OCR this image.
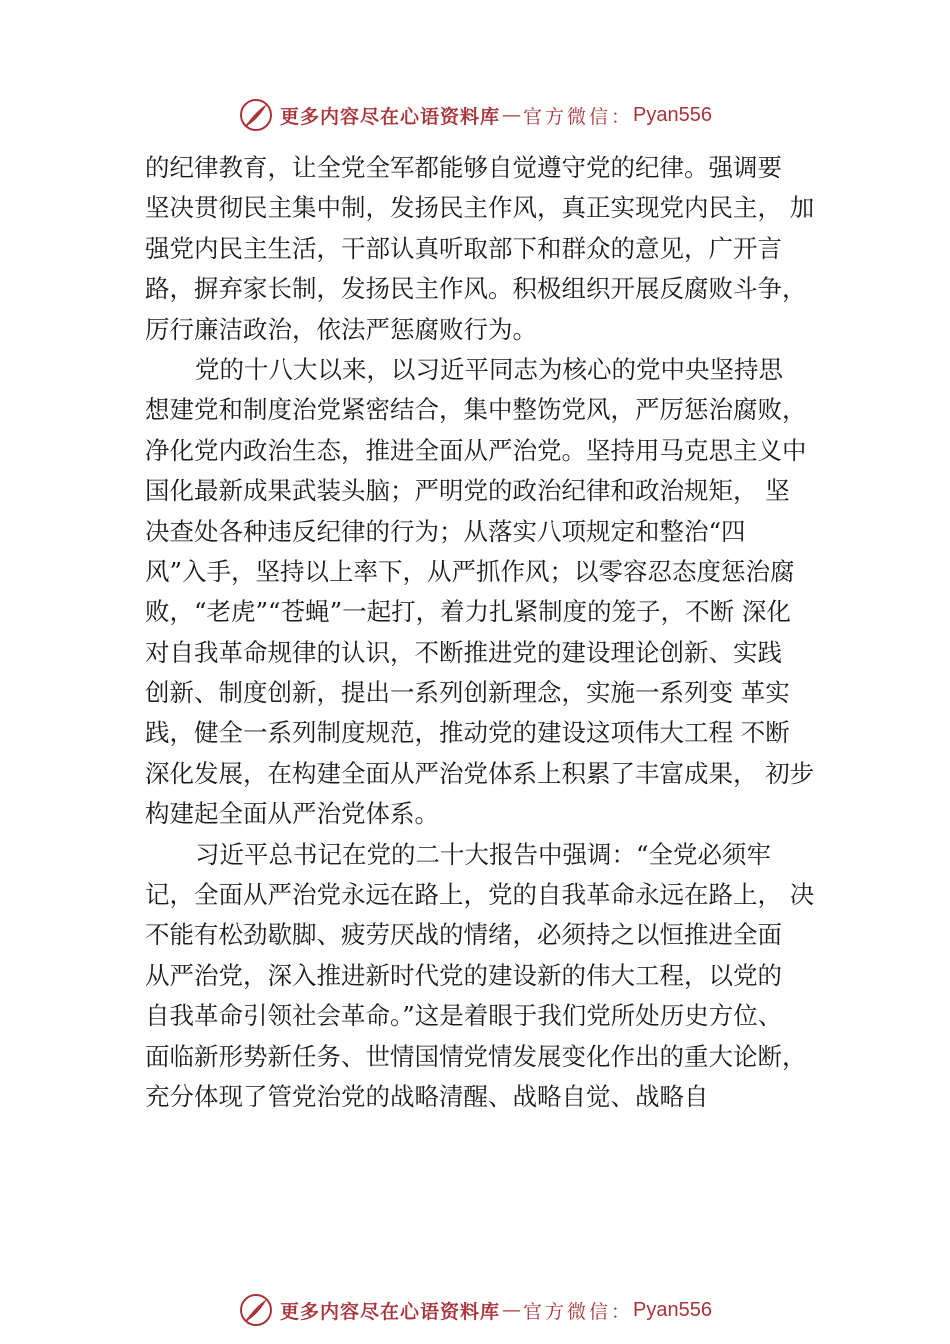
更多内容尽在心语资料库 — 官方微信： Pyan556
的纪律教育，让全党全军都能够自觉遵守党的纪律。强调要
坚决贯彻民主集中制，发扬民主作风，真正实现党内民主， 加
强党内民主生活，干部认真听取部下和群众的意见，广开言
路，摒弃家长制，发扬民主作风。积极组织开展反腐败斗争，
厉行廉洁政治，依法严惩腐败行为。
党的十八大以来，以习近平同志为核心的党中央坚持思
想建党和制度治党紧密结合，集中整饬党风，严厉惩治腐败，
净化党内政治生态，推进全面从严治党。坚持用马克思主义中
国化最新成果武装头脑；严明党的政治纪律和政治规矩， 坚
决查处各种违反纪律的行为；从落实八项规定和整治“四
风”入手，坚持以上率下，从严抓作风；以零容忍态度惩治腐
败，“老虎”“苍蝇”一起打，着力扎紧制度的笼子，不断 深化
对自我革命规律的认识，不断推进党的建设理论创新、实践
创新、制度创新，提出一系列创新理念，实施一系列变 革实
践，健全一系列制度规范，推动党的建设这项伟大工程 不断
深化发展，在构建全面从严治党体系上积累了丰富成果， 初步
构建起全面从严治党体系。
习近平总书记在党的二十大报告中强调：“全党必须牢
记，全面从严治党永远在路上，党的自我革命永远在路上， 决
不能有松劲歇脚、疲劳厌战的情绪，必须持之以恒推进全面
从严治党，深入推进新时代党的建设新的伟大工程，以党的
自我革命引领社会革命。”这是着眼于我们党所处历史方位、
面临新形势新任务、世情国情党情发展变化作出的重大论断，
充分体现了管党治党的战略清醒、战略自觉、战略自
更多内容尽在心语资料库 — 官方微信： Pyan556
